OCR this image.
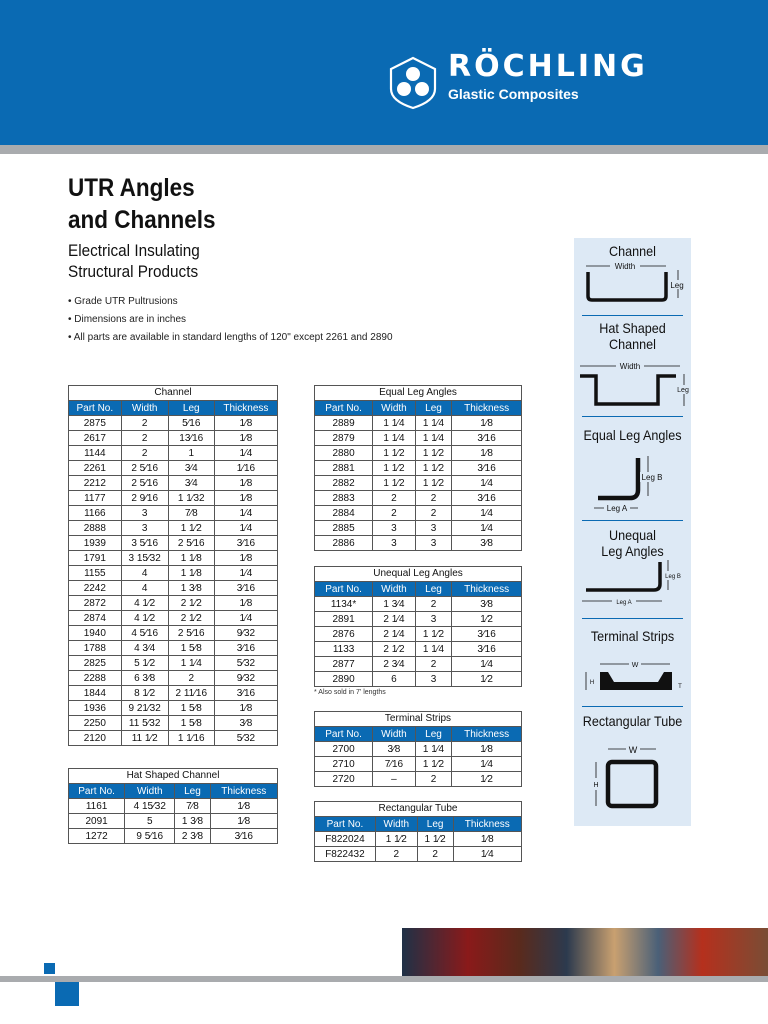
RÖCHLING
Glastic Composites
UTR Angles
and Channels
Electrical Insulating
Structural Products
• Grade UTR Pultrusions
• Dimensions are in inches
• All parts are available in standard lengths of 120" except 2261 and 2890
Channel
Part No.	Width	Leg	Thickness
2875	2	5⁄16	1⁄8
2617	2	13⁄16	1⁄8
1144	2	1	1⁄4
2261	2 5⁄16	3⁄4	1⁄16
2212	2 5⁄16	3⁄4	1⁄8
1177	2 9⁄16	1 1⁄32	1⁄8
1166	3	7⁄8	1⁄4
2888	3	1 1⁄2	1⁄4
1939	3 5⁄16	2 5⁄16	3⁄16
1791	3 15⁄32	1 1⁄8	1⁄8
1155	4	1 1⁄8	1⁄4
2242	4	1 3⁄8	3⁄16
2872	4 1⁄2	2 1⁄2	1⁄8
2874	4 1⁄2	2 1⁄2	1⁄4
1940	4 5⁄16	2 5⁄16	9⁄32
1788	4 3⁄4	1 5⁄8	3⁄16
2825	5 1⁄2	1 1⁄4	5⁄32
2288	6 3⁄8	2	9⁄32
1844	8 1⁄2	2 11⁄16	3⁄16
1936	9 21⁄32	1 5⁄8	1⁄8
2250	11 5⁄32	1 5⁄8	3⁄8
2120	11 1⁄2	1 1⁄16	5⁄32
Hat Shaped Channel
Part No.	Width	Leg	Thickness
1161	4 15⁄32	7⁄8	1⁄8
2091	5	1 3⁄8	1⁄8
1272	9 5⁄16	2 3⁄8	3⁄16
Equal Leg Angles
Part No.	Width	Leg	Thickness
2889	1 1⁄4	1 1⁄4	1⁄8
2879	1 1⁄4	1 1⁄4	3⁄16
2880	1 1⁄2	1 1⁄2	1⁄8
2881	1 1⁄2	1 1⁄2	3⁄16
2882	1 1⁄2	1 1⁄2	1⁄4
2883	2	2	3⁄16
2884	2	2	1⁄4
2885	3	3	1⁄4
2886	3	3	3⁄8
Unequal Leg Angles
Part No.	Width	Leg	Thickness
1134*	1 3⁄4	2	3⁄8
2891	2 1⁄4	3	1⁄2
2876	2 1⁄4	1 1⁄2	3⁄16
1133	2 1⁄2	1 1⁄4	3⁄16
2877	2 3⁄4	2	1⁄4
2890	6	3	1⁄2
* Also sold in 7' lengths
Terminal Strips
Part No.	Width	Leg	Thickness
2700	3⁄8	1 1⁄4	1⁄8
2710	7⁄16	1 1⁄2	1⁄4
2720	–	2	1⁄2
Rectangular Tube
Part No.	Width	Leg	Thickness
F822024	1 1⁄2	1 1⁄2	1⁄8
F822432	2	2	1⁄4
Channel
Width
Leg
Hat Shaped
Channel
Width
Leg
Equal Leg Angles
Leg B
Leg A
Unequal
Leg Angles
Leg B
Leg A
Terminal Strips
W
H
T
Rectangular Tube
W
H
